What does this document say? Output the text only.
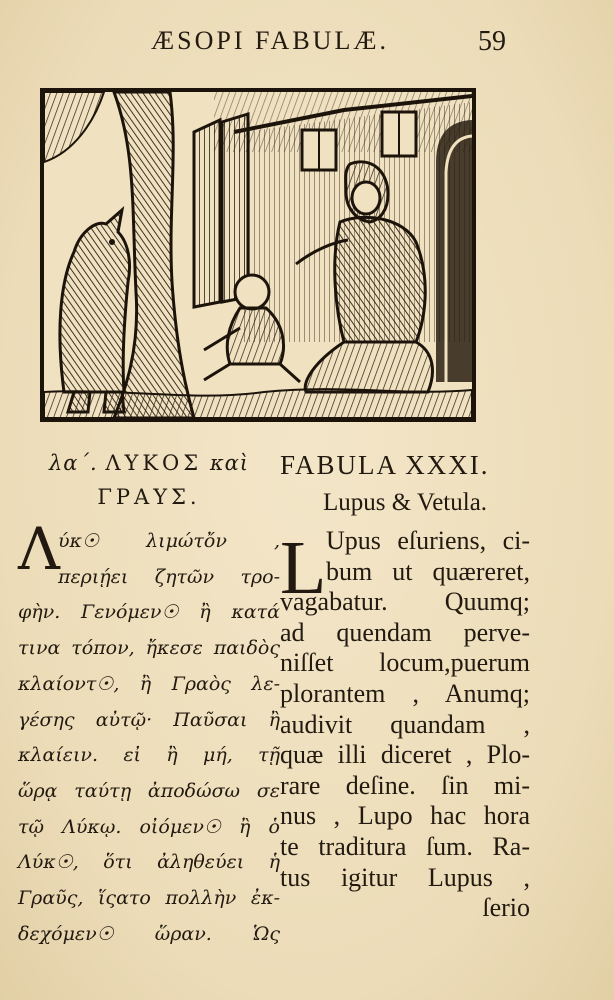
ÆSOPI FABULÆ.	59
λα΄. ΛΥΚΟΣ καὶ
ΓΡΑΥΣ.
Λ
ύκ☉ λιμώτὄν ,
περιῄει ζητῶν τρο-
φὴν. Γενόμεν☉ ἢ κατά
τινα τόπον, ἤκεσε παιδὸς
κλαίοντ☉, ἢ Γραὸς λε-
γέσης αὐτῷ· Παῦσαι ἢ
κλαίειν. εἰ ἢ μή, τῇ
ὥρᾳ ταύτῃ ἀποδώσω σε
τῷ Λύκῳ. οἰόμεν☉ ἢ ὁ
Λύκ☉, ὅτι ἀληθεύει ἡ
Γραῦς, ἵςατο πολλὴν ἐκ-
δεχόμεν☉ ὥραν. Ὡς
FABULA XXXI.
Lupus & Vetula.
L Upus eſuriens, ci-
bum ut quæreret,
vagabatur. Quumq;
ad quendam perve-
niſſet locum,puerum
plorantem , Anumq;
audivit quandam ,
quæ illi diceret , Plo-
rare deſine. ſin mi-
nus , Lupo hac hora
te traditura ſum. Ra-
tus igitur Lupus ,
ſerio
